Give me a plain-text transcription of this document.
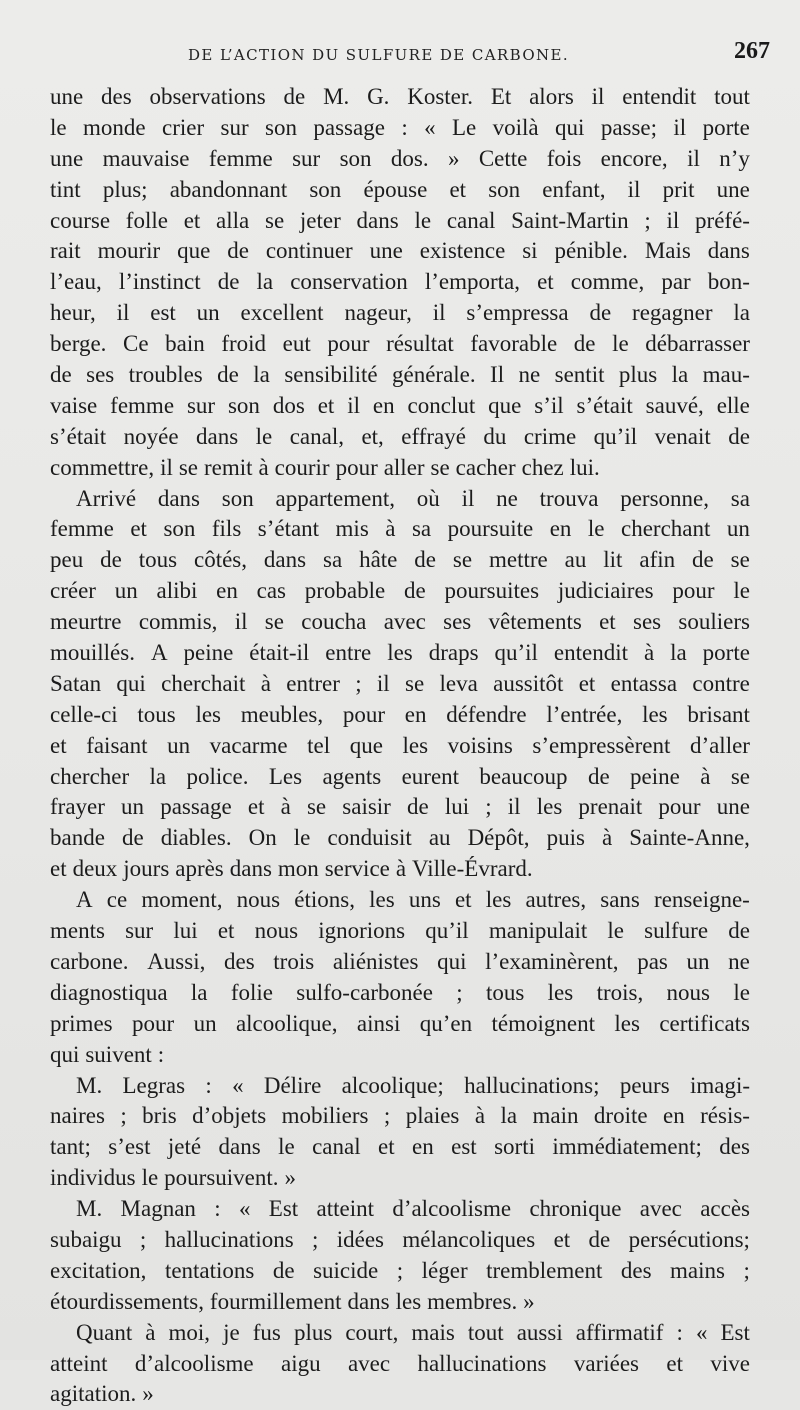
DE L’ACTION DU SULFURE DE CARBONE.	267
une des observations de M. G. Koster. Et alors il entendit tout
le monde crier sur son passage : « Le voilà qui passe; il porte
une mauvaise femme sur son dos. » Cette fois encore, il n’y
tint plus; abandonnant son épouse et son enfant, il prit une
course folle et alla se jeter dans le canal Saint-Martin ; il préfé-
rait mourir que de continuer une existence si pénible. Mais dans
l’eau, l’instinct de la conservation l’emporta, et comme, par bon-
heur, il est un excellent nageur, il s’empressa de regagner la
berge. Ce bain froid eut pour résultat favorable de le débarrasser
de ses troubles de la sensibilité générale. Il ne sentit plus la mau-
vaise femme sur son dos et il en conclut que s’il s’était sauvé, elle
s’était noyée dans le canal, et, effrayé du crime qu’il venait de
commettre, il se remit à courir pour aller se cacher chez lui.
Arrivé dans son appartement, où il ne trouva personne, sa
femme et son fils s’étant mis à sa poursuite en le cherchant un
peu de tous côtés, dans sa hâte de se mettre au lit afin de se
créer un alibi en cas probable de poursuites judiciaires pour le
meurtre commis, il se coucha avec ses vêtements et ses souliers
mouillés. A peine était-il entre les draps qu’il entendit à la porte
Satan qui cherchait à entrer ; il se leva aussitôt et entassa contre
celle-ci tous les meubles, pour en défendre l’entrée, les brisant
et faisant un vacarme tel que les voisins s’empressèrent d’aller
chercher la police. Les agents eurent beaucoup de peine à se
frayer un passage et à se saisir de lui ; il les prenait pour une
bande de diables. On le conduisit au Dépôt, puis à Sainte-Anne,
et deux jours après dans mon service à Ville-Évrard.
A ce moment, nous étions, les uns et les autres, sans renseigne-
ments sur lui et nous ignorions qu’il manipulait le sulfure de
carbone. Aussi, des trois aliénistes qui l’examinèrent, pas un ne
diagnostiqua la folie sulfo-carbonée ; tous les trois, nous le
primes pour un alcoolique, ainsi qu’en témoignent les certificats
qui suivent :
M. Legras : « Délire alcoolique; hallucinations; peurs imagi-
naires ; bris d’objets mobiliers ; plaies à la main droite en résis-
tant; s’est jeté dans le canal et en est sorti immédiatement; des
individus le poursuivent. »
M. Magnan : « Est atteint d’alcoolisme chronique avec accès
subaigu ; hallucinations ; idées mélancoliques et de persécutions;
excitation, tentations de suicide ; léger tremblement des mains ;
étourdissements, fourmillement dans les membres. »
Quant à moi, je fus plus court, mais tout aussi affirmatif : « Est
atteint d’alcoolisme aigu avec hallucinations variées et vive
agitation. »
